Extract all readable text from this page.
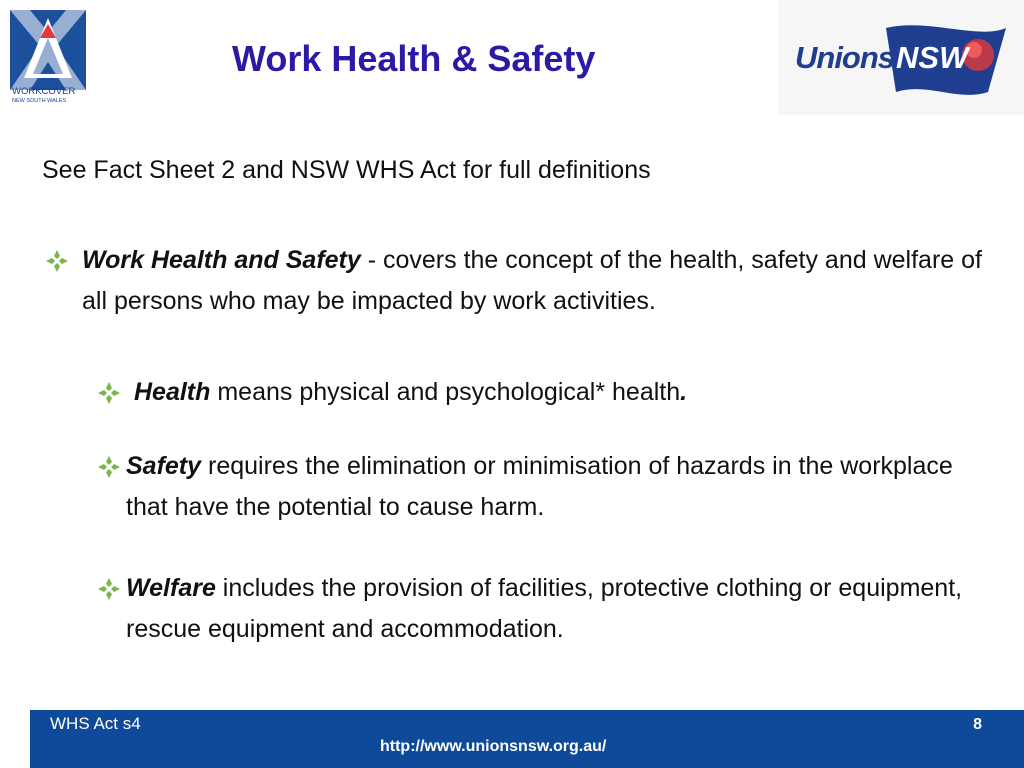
WORKCOVER
NEW SOUTH WALES
Work Health & Safety	Unions NSW
See Fact Sheet 2 and NSW WHS Act for full definitions
Work Health and Safety - covers the concept of the health, safety and welfare of all persons who may be impacted by work activities.
Health means physical and psychological* health.
Safety requires the elimination or minimisation of hazards in the workplace that have the potential to cause harm.
Welfare includes the provision of facilities, protective clothing or equipment, rescue equipment and accommodation.
WHS Act s4	8
http://www.unionsnsw.org.au/
